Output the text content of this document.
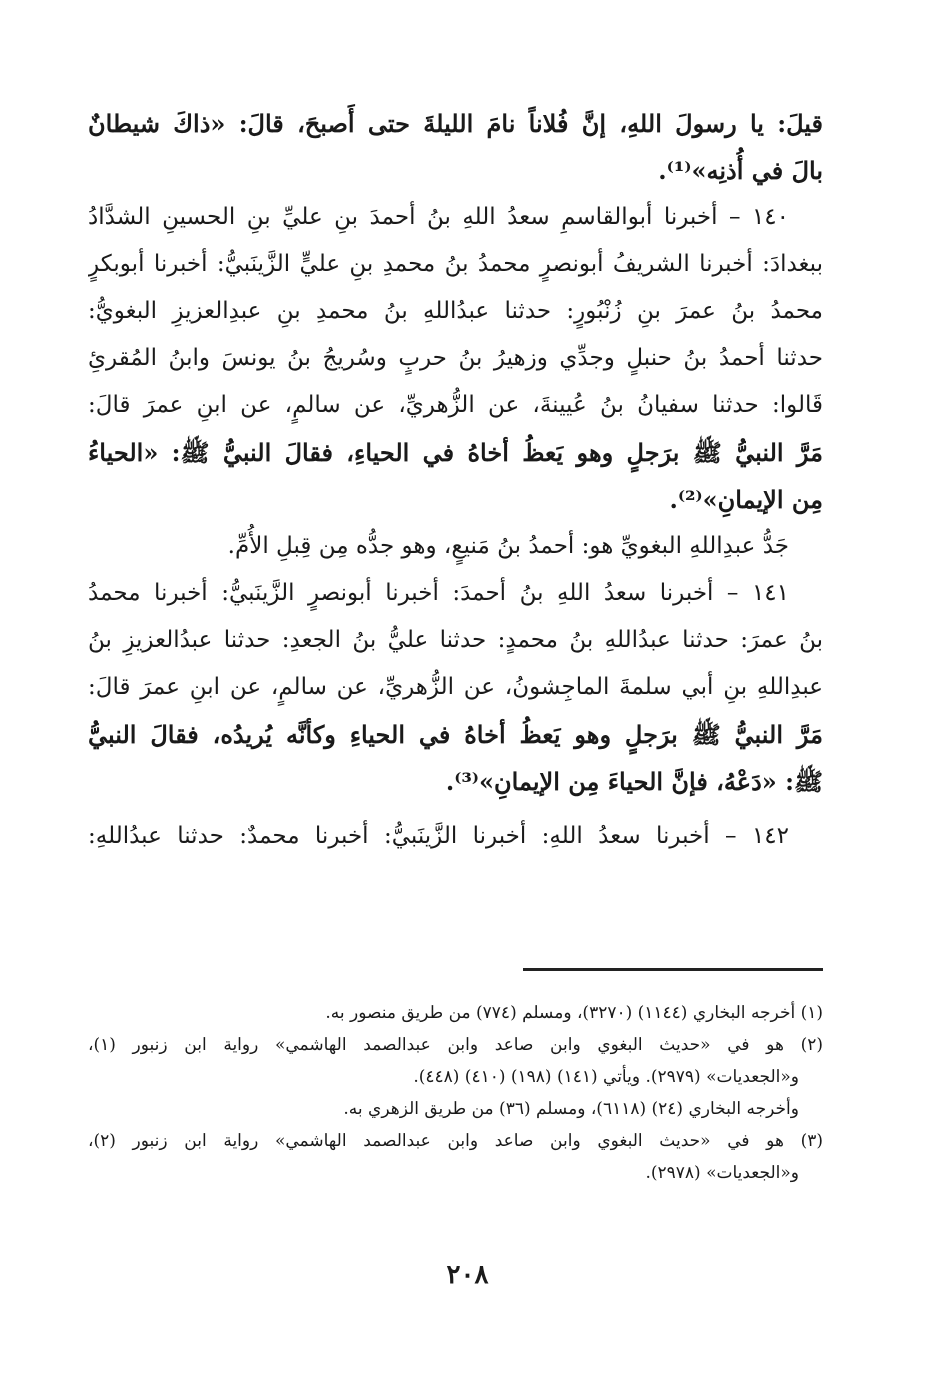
قيلَ: يا رسولَ اللهِ، إنَّ فُلاناً نامَ الليلةَ حتى أَصبحَ، قالَ: «ذاكَ شيطانٌ
بالَ في أُذنِه»⁽¹⁾.
١٤٠ – أخبرنا أبوالقاسمِ سعدُ اللهِ بنُ أحمدَ بنِ عليِّ بنِ الحسينِ الشدَّادُ
ببغدادَ: أخبرنا الشريفُ أبونصرٍ محمدُ بنُ محمدِ بنِ عليٍّ الزَّينَبيُّ: أخبرنا أبوبكرٍ
محمدُ بنُ عمرَ بنِ زُنْبُورٍ: حدثنا عبدُاللهِ بنُ محمدِ بنِ عبدِالعزيزِ البغويُّ:
حدثنا أحمدُ بنُ حنبلٍ وجدِّي وزهيرُ بنُ حربٍ وسُريجُ بنُ يونسَ وابنُ المُقرئِ
قَالوا: حدثنا سفيانُ بنُ عُيينةَ، عن الزُّهريِّ، عن سالمٍ، عن ابنِ عمرَ قالَ:
مَرَّ النبيُّ ﷺ برَجلٍ وهو يَعظُ أخاهُ في الحياءِ، فقالَ النبيُّ ﷺ: «الحياءُ
مِن الإيمانِ»⁽²⁾.
جَدُّ عبدِاللهِ البغويِّ هو: أحمدُ بنُ مَنيعٍ، وهو جدُّه مِن قِبلِ الأُمِّ.
١٤١ – أخبرنا سعدُ اللهِ بنُ أحمدَ: أخبرنا أبونصرٍ الزَّينَبيُّ: أخبرنا محمدُ
بنُ عمرَ: حدثنا عبدُاللهِ بنُ محمدٍ: حدثنا عليُّ بنُ الجعدِ: حدثنا عبدُالعزيزِ بنُ
عبدِاللهِ بنِ أبي سلمةَ الماجِشونُ، عن الزُّهريِّ، عن سالمٍ، عن ابنِ عمرَ قالَ:
مَرَّ النبيُّ ﷺ برَجلٍ وهو يَعظُ أخاهُ في الحياءِ وكأنَّه يُريدُه، فقالَ النبيُّ
ﷺ: «دَعْهُ، فإنَّ الحياءَ مِن الإيمانِ»⁽³⁾.
١٤٢ – أخبرنا سعدُ اللهِ: أخبرنا الزَّينَبيُّ: أخبرنا محمدٌ: حدثنا عبدُاللهِ:
(١) أخرجه البخاري (١١٤٤) (٣٢٧٠)، ومسلم (٧٧٤) من طريق منصور به.
(٢) هو في «حديث البغوي وابن صاعد وابن عبدالصمد الهاشمي» رواية ابن زنبور (١)،
و«الجعديات» (٢٩٧٩). ويأتي (١٤١) (١٩٨) (٤١٠) (٤٤٨).
وأخرجه البخاري (٢٤) (٦١١٨)، ومسلم (٣٦) من طريق الزهري به.
(٣) هو في «حديث البغوي وابن صاعد وابن عبدالصمد الهاشمي» رواية ابن زنبور (٢)،
و«الجعديات» (٢٩٧٨).
٢٠٨
